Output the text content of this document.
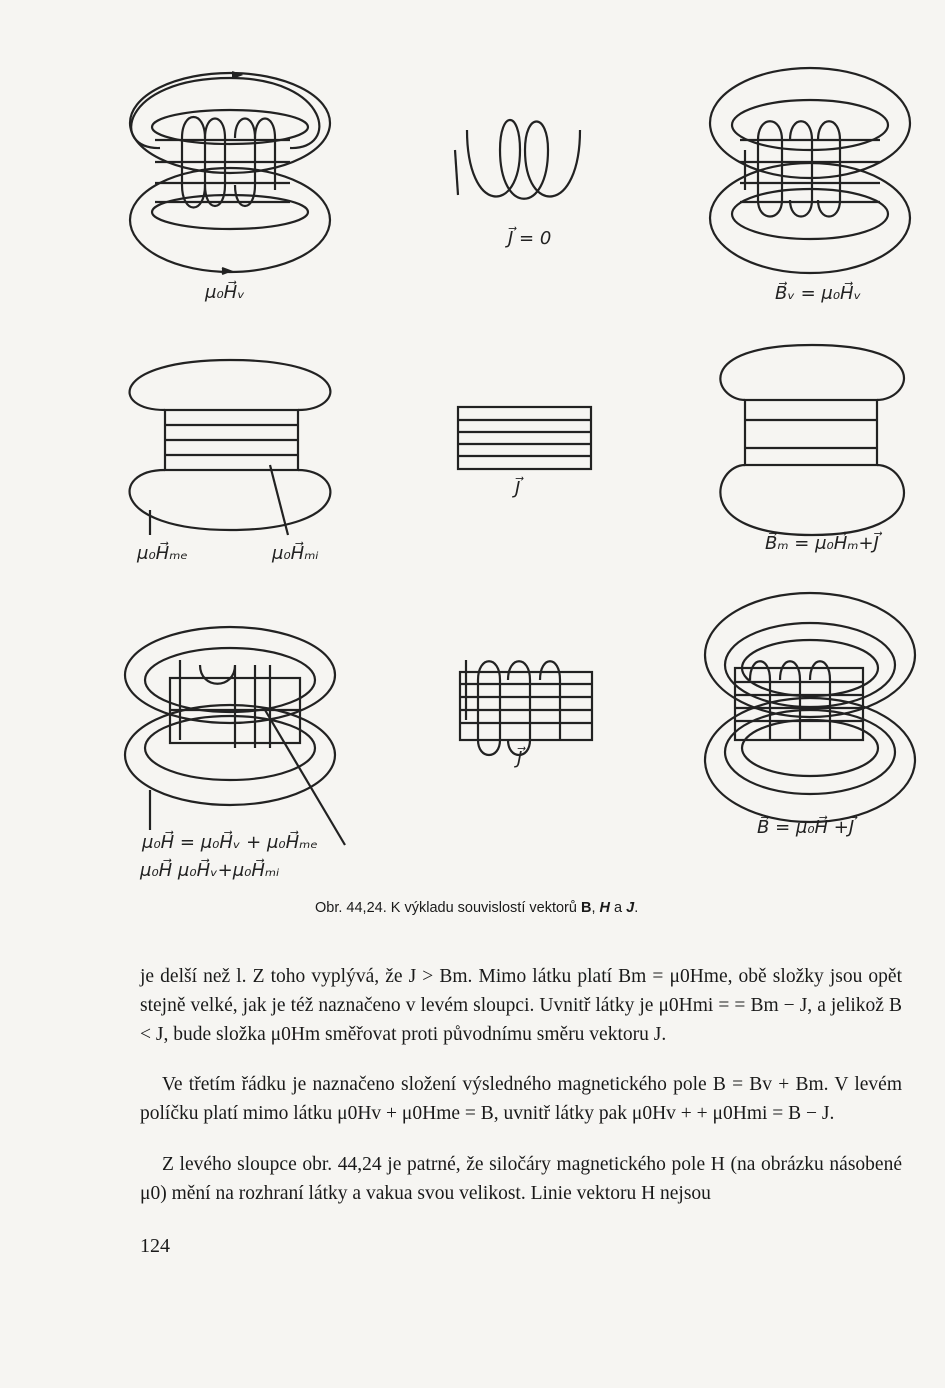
μ₀H⃗ᵥ
J⃗ = 0
B⃗ᵥ = μ₀H⃗ᵥ
μ₀H⃗ₘₑ	μ₀H⃗ₘᵢ
J⃗
B⃗ₘ = μ₀H⃗ₘ+J⃗
μ₀H⃗ = μ₀H⃗ᵥ + μ₀H⃗ₘₑ
μ₀H⃗ μ₀H⃗ᵥ+μ₀H⃗ₘᵢ
J⃗
B⃗ = μ₀H⃗ +J⃗
Obr. 44,24. K výkladu souvislostí vektorů B, H a J.
je delší než l. Z toho vyplývá, že J > Bm. Mimo látku platí Bm = μ0Hme, obě složky jsou opět stejně velké, jak je též naznačeno v levém sloupci. Uvnitř látky je μ0Hmi = = Bm − J, a jelikož B < J, bude složka μ0Hm směřovat proti původnímu směru vektoru J.
Ve třetím řádku je naznačeno složení výsledného magnetického pole B = Bv + Bm. V levém políčku platí mimo látku μ0Hv + μ0Hme = B, uvnitř látky pak μ0Hv + + μ0Hmi = B − J.
Z levého sloupce obr. 44,24 je patrné, že siločáry magnetického pole H (na obrázku násobené μ0) mění na rozhraní látky a vakua svou velikost. Linie vektoru H nejsou
124
